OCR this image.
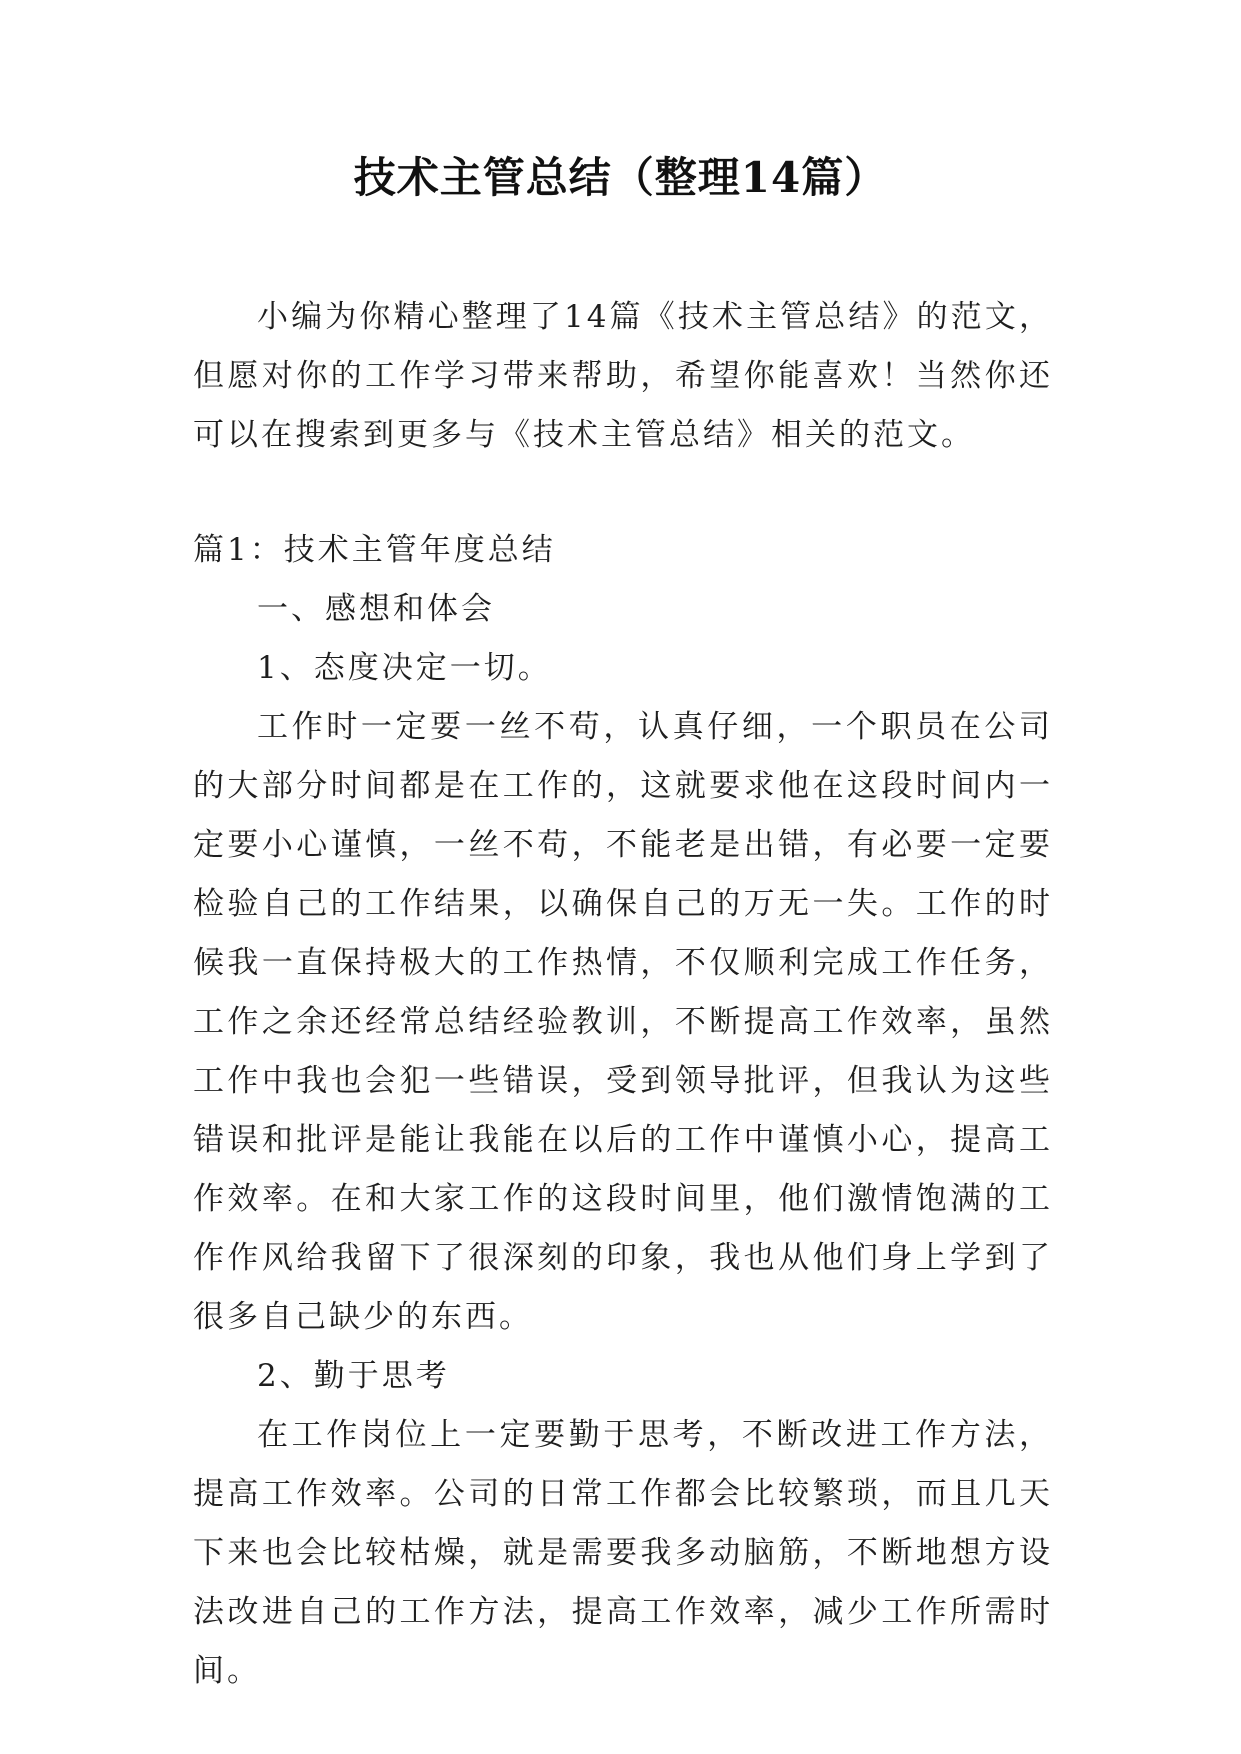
技术主管总结（整理14篇）

小编为你精心整理了14篇《技术主管总结》的范文，但愿对你的工作学习带来帮助，希望你能喜欢！当然你还可以在搜索到更多与《技术主管总结》相关的范文。

篇1：技术主管年度总结

一、感想和体会

1、态度决定一切。

工作时一定要一丝不苟，认真仔细，一个职员在公司的大部分时间都是在工作的，这就要求他在这段时间内一定要小心谨慎，一丝不苟，不能老是出错，有必要一定要检验自己的工作结果，以确保自己的万无一失。工作的时候我一直保持极大的工作热情，不仅顺利完成工作任务，工作之余还经常总结经验教训，不断提高工作效率，虽然工作中我也会犯一些错误，受到领导批评，但我认为这些错误和批评是能让我能在以后的工作中谨慎小心，提高工作效率。在和大家工作的这段时间里，他们激情饱满的工作作风给我留下了很深刻的印象，我也从他们身上学到了很多自己缺少的东西。

2、勤于思考

在工作岗位上一定要勤于思考，不断改进工作方法，提高工作效率。公司的日常工作都会比较繁琐，而且几天下来也会比较枯燥，就是需要我多动脑筋，不断地想方设法改进自己的工作方法，提高工作效率，减少工作所需时间。
